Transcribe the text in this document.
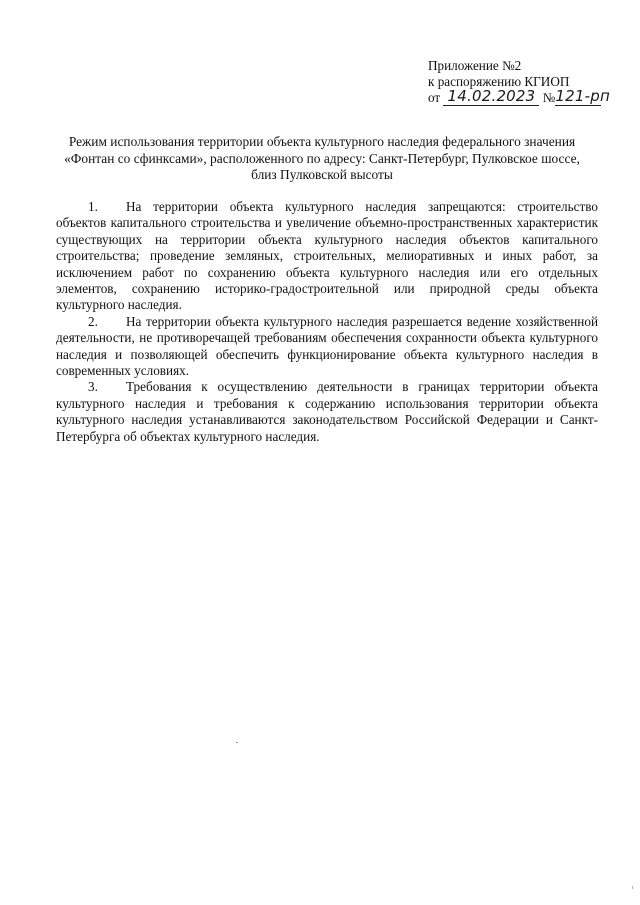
Приложение №2
к распоряжению КГИОП
от 14.02.2023 №121-рп
Режим использования территории объекта культурного наследия федерального значения
«Фонтан со сфинксами», расположенного по адресу: Санкт-Петербург, Пулковское шоссе,
близ Пулковской высоты

1. На территории объекта культурного наследия запрещаются: строительство объектов капитального строительства и увеличение объемно-пространственных характеристик существующих на территории объекта культурного наследия объектов капитального строительства; проведение земляных, строительных, мелиоративных и иных работ, за исключением работ по сохранению объекта культурного наследия или его отдельных элементов, сохранению историко-градостроительной или природной среды объекта культурного наследия.

2. На территории объекта культурного наследия разрешается ведение хозяйственной деятельности, не противоречащей требованиям обеспечения сохранности объекта культурного наследия и позволяющей обеспечить функционирование объекта культурного наследия в современных условиях.

3. Требования к осуществлению деятельности в границах территории объекта культурного наследия и требования к содержанию использования территории объекта культурного наследия устанавливаются законодательством Российской Федерации и Санкт-Петербурга об объектах культурного наследия.
